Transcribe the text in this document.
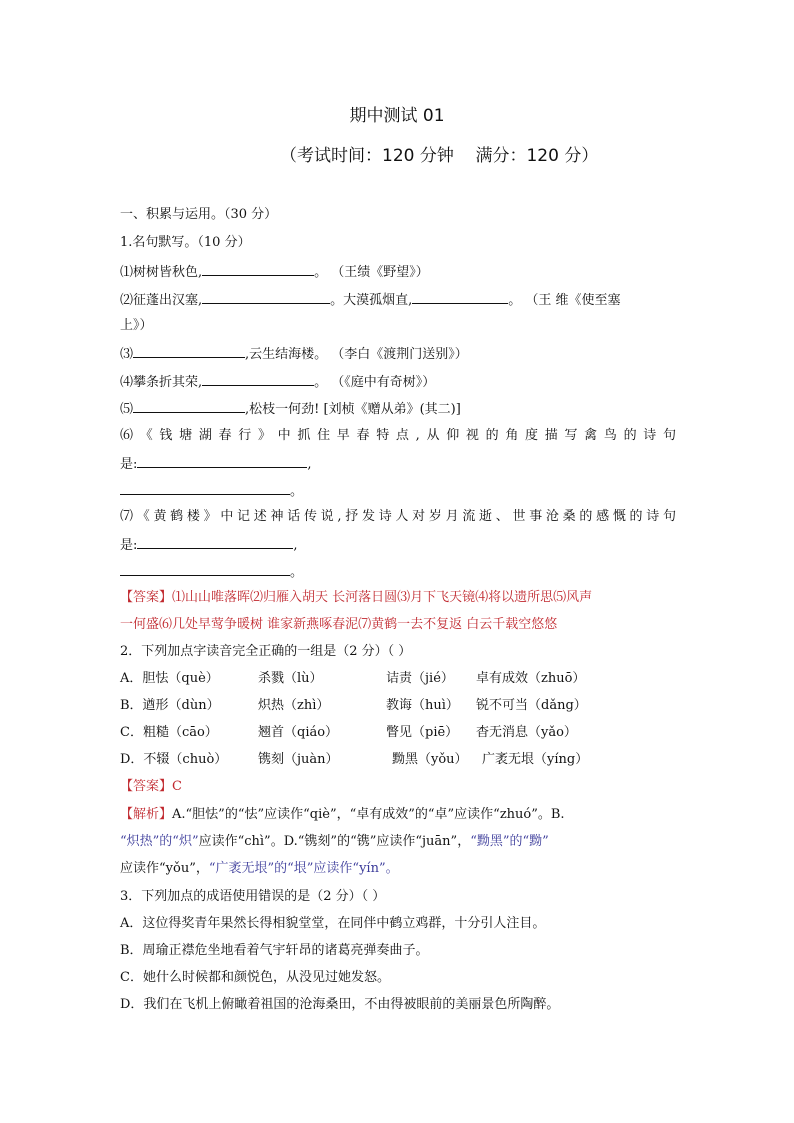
期中测试 01
（考试时间：120 分钟    满分：120 分）
一、积累与运用。（30 分）
1.名句默写。（10 分）
⑴树树皆秋色,	。 （王绩《野望》）
⑵征蓬出汉塞,	。大漠孤烟直,	。 （王 维《使至塞
上》）
⑶	,云生结海楼。 （李白《渡荆门送别》）
⑷攀条折其荣,	。 （《庭中有奇树》）
⑸	,松枝一何劲! [刘桢《赠从弟》(其二)]
⑹《钱塘湖春行》中抓住早春特点,从仰视的角度描写禽鸟的诗句
是:	,
。
⑺《黄鹤楼》中记述神话传说,抒发诗人对岁月流逝、世事沧桑的感慨的诗句
是:	,
。
【答案】⑴山山唯落晖⑵归雁入胡天 长河落日圆⑶月下飞天镜⑷将以遗所思⑸风声
一何盛⑹几处早莺争暖树 谁家新燕啄春泥⑺黄鹤一去不复返 白云千载空悠悠
2．下列加点字读音完全正确的一组是（2 分）（ ）
A．胆怯（què）	杀戮（lù）	诘责（jié） 卓有成效（zhuō）
B．遒形（dùn）	炽热（zhì）	教诲（huì） 锐不可当（dǎng）
C．粗糙（cāo）	翘首（qiáo）	瞥见（piē） 杳无消息（yǎo）
D．不辍（chuò） 镌刻（juàn）	黝黑（yǒu） 广袤无垠（yíng）
【答案】C
【解析】A.“胆怯”的“怯”应读作“qiè”，“卓有成效”的“卓”应读作“zhuó”。B.
“炽热”的“炽”应读作“chì”。D.“镌刻”的“镌”应读作“juān”，“黝黑”的“黝”
应读作“yǒu”，“广袤无垠”的“垠”应读作“yín”。
3．下列加点的成语使用错误的是（2 分）（ ）
A．这位得奖青年果然长得相貌堂堂，在同伴中鹤立鸡群，十分引人注目。
B．周瑜正襟危坐地看着气宇轩昂的诸葛亮弹奏曲子。
C．她什么时候都和颜悦色，从没见过她发怒。
D．我们在飞机上俯瞰着祖国的沧海桑田，不由得被眼前的美丽景色所陶醉。
